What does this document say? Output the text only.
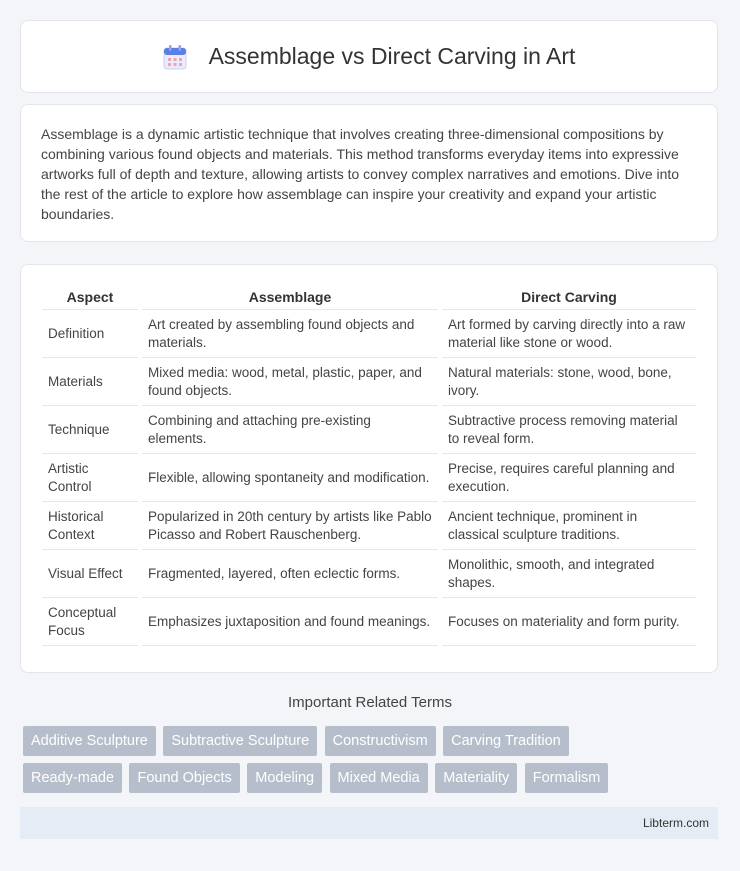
Assemblage vs Direct Carving in Art

Assemblage is a dynamic artistic technique that involves creating three-dimensional compositions by combining various found objects and materials. This method transforms everyday items into expressive artworks full of depth and texture, allowing artists to convey complex narratives and emotions. Dive into the rest of the article to explore how assemblage can inspire your creativity and expand your artistic boundaries.

Aspect	Assemblage	Direct Carving
Definition	Art created by assembling found objects and materials.	Art formed by carving directly into a raw material like stone or wood.
Materials	Mixed media: wood, metal, plastic, paper, and found objects.	Natural materials: stone, wood, bone, ivory.
Technique	Combining and attaching pre-existing elements.	Subtractive process removing material to reveal form.
Artistic Control	Flexible, allowing spontaneity and modification.	Precise, requires careful planning and execution.
Historical Context	Popularized in 20th century by artists like Pablo Picasso and Robert Rauschenberg.	Ancient technique, prominent in classical sculpture traditions.
Visual Effect	Fragmented, layered, often eclectic forms.	Monolithic, smooth, and integrated shapes.
Conceptual Focus	Emphasizes juxtaposition and found meanings.	Focuses on materiality and form purity.
Important Related Terms
Additive Sculpture Subtractive Sculpture Constructivism Carving Tradition
Ready-made Found Objects Modeling Mixed Media Materiality Formalism
Libterm.com
